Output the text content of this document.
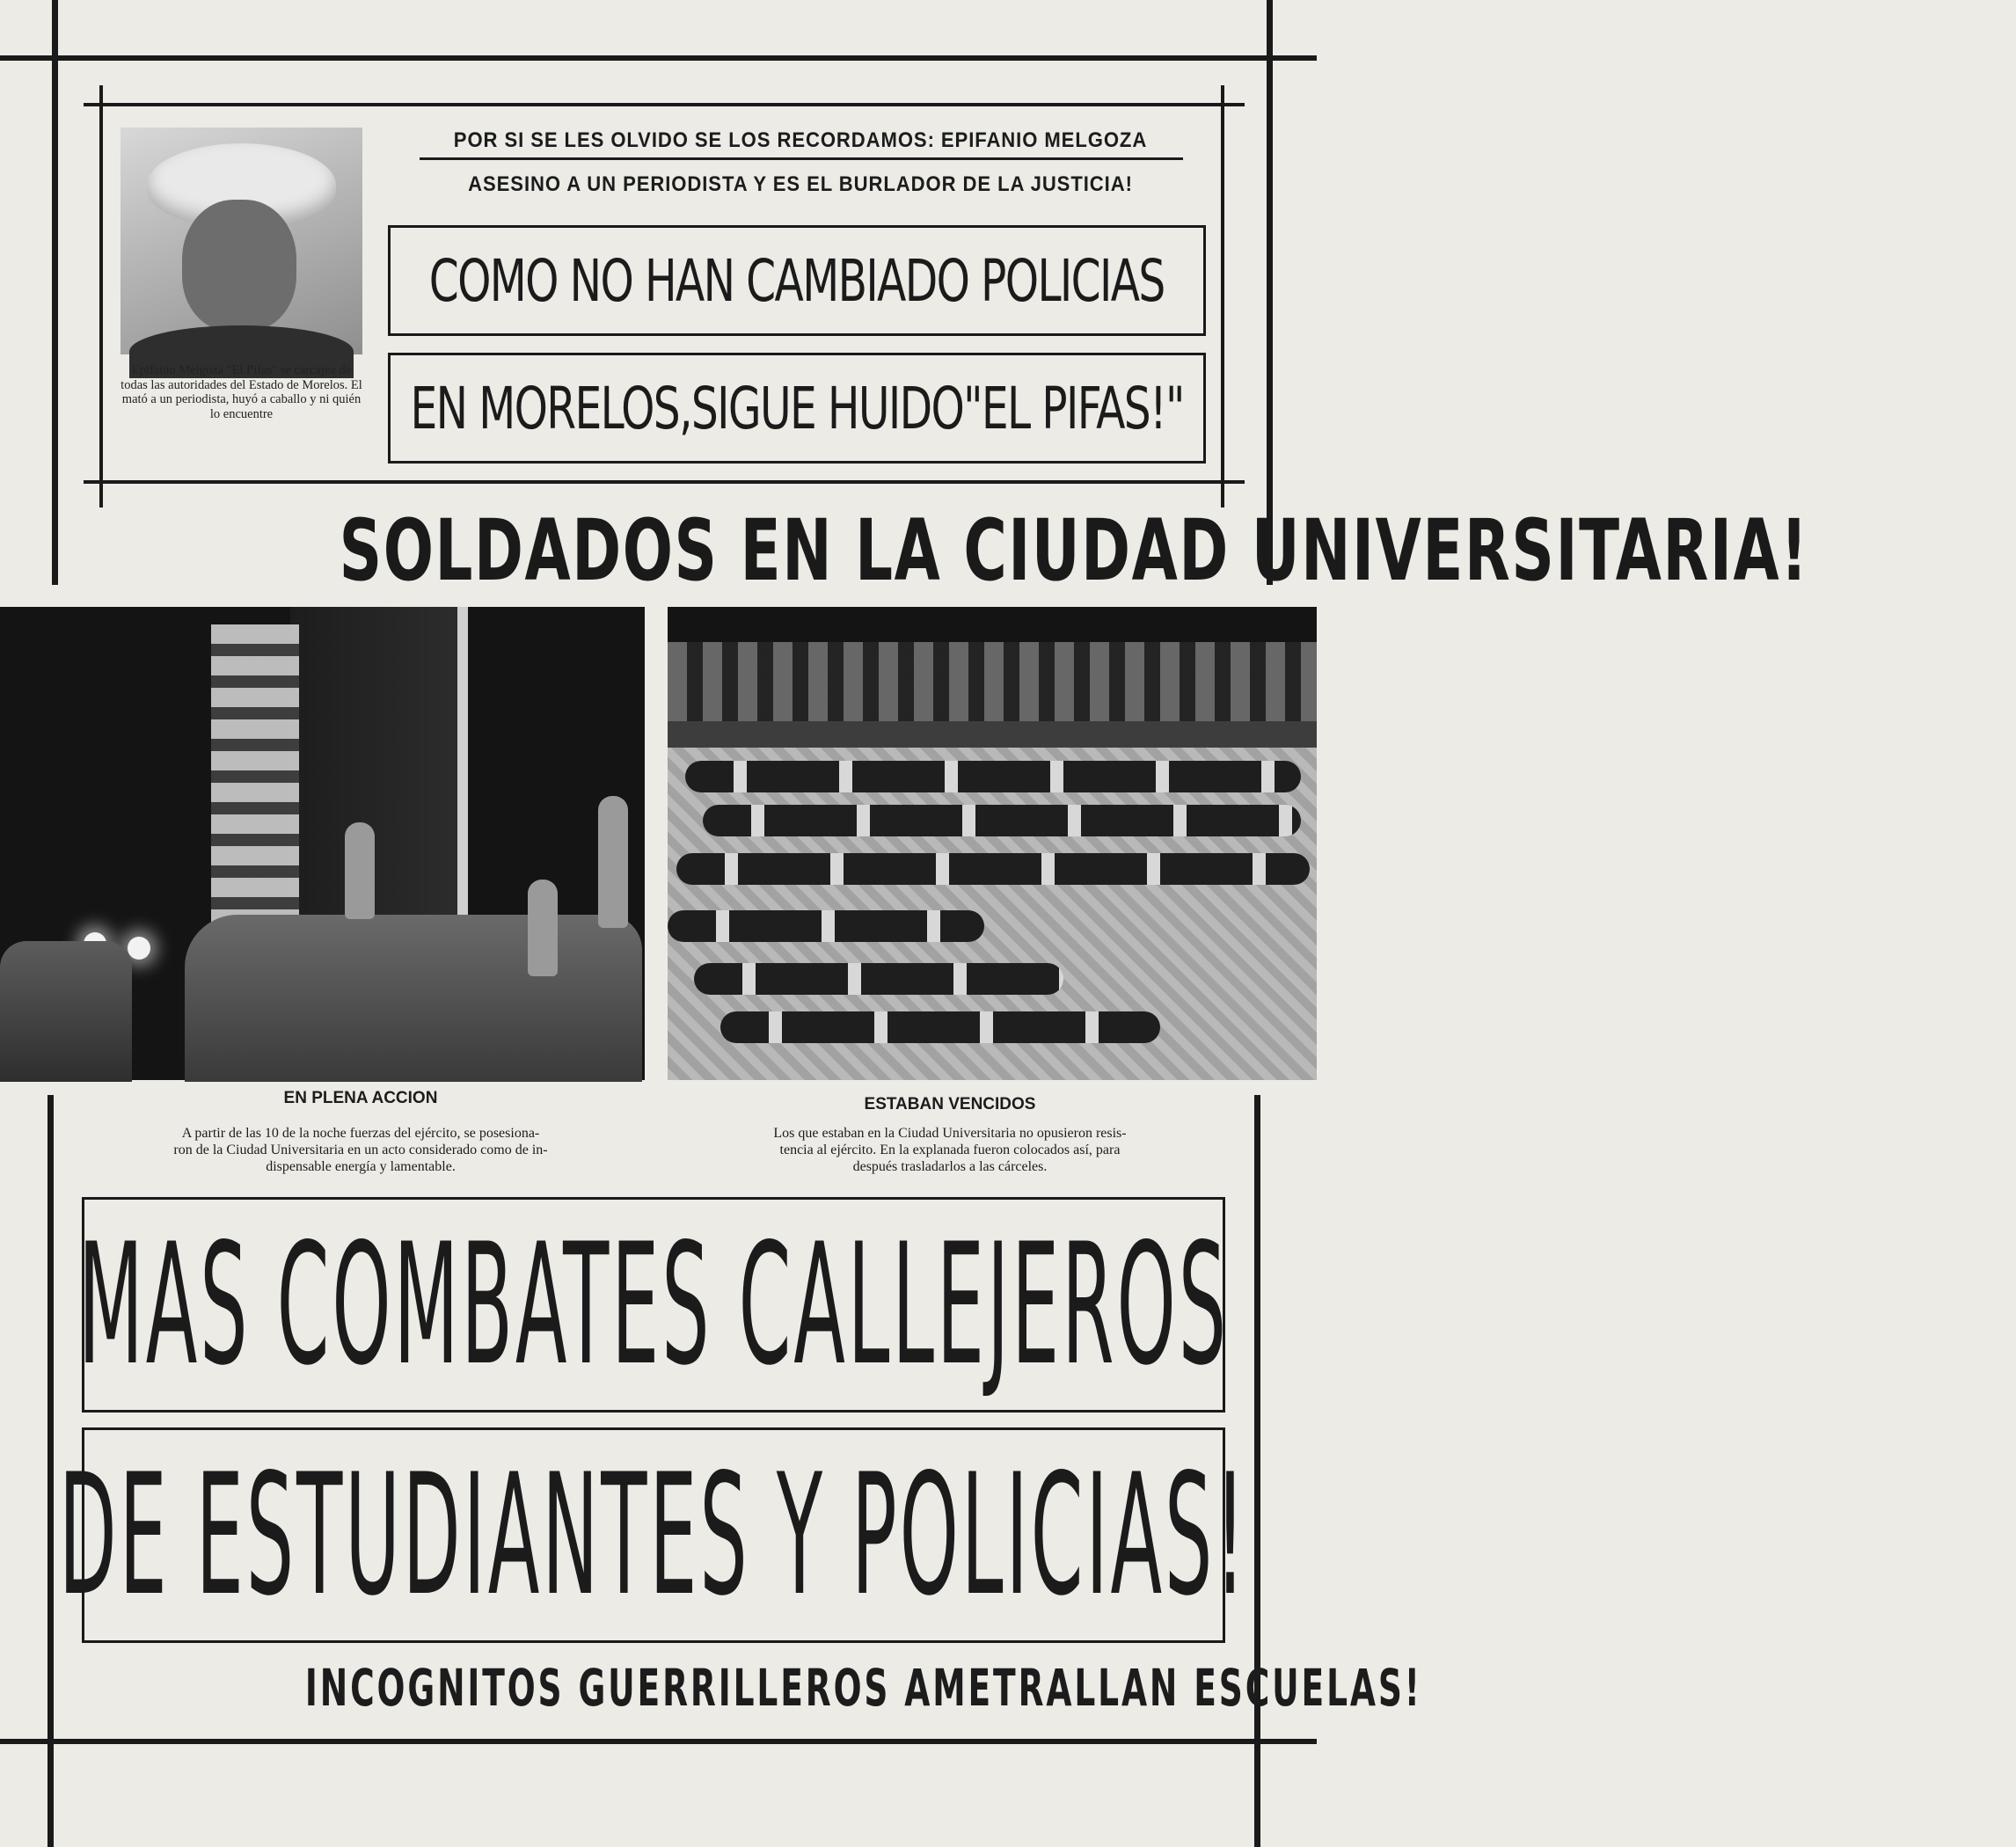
Epifanio Melgoza "El Pifas" se carcajea de todas las autoridades del Estado de Morelos. El mató a un periodista, huyó a caballo y ni quién lo encuentre
POR SI SE LES OLVIDO SE LOS RECORDAMOS: EPIFANIO MELGOZA
ASESINO A UN PERIODISTA Y ES EL BURLADOR DE LA JUSTICIA!
COMO NO HAN CAMBIADO POLICIAS
EN MORELOS,SIGUE HUIDO"EL PIFAS!"
SOLDADOS EN LA CIUDAD UNIVERSITARIA!
EN PLENA ACCION
A partir de las 10 de la noche fuerzas del ejército, se posesiona-
ron de la Ciudad Universitaria en un acto considerado como de in-
dispensable energía y lamentable.
ESTABAN VENCIDOS
Los que estaban en la Ciudad Universitaria no opusieron resis-
tencia al ejército. En la explanada fueron colocados así, para
después trasladarlos a las cárceles.
MAS COMBATES CALLEJEROS
DE ESTUDIANTES Y POLICIAS!
INCOGNITOS GUERRILLEROS AMETRALLAN ESCUELAS!
